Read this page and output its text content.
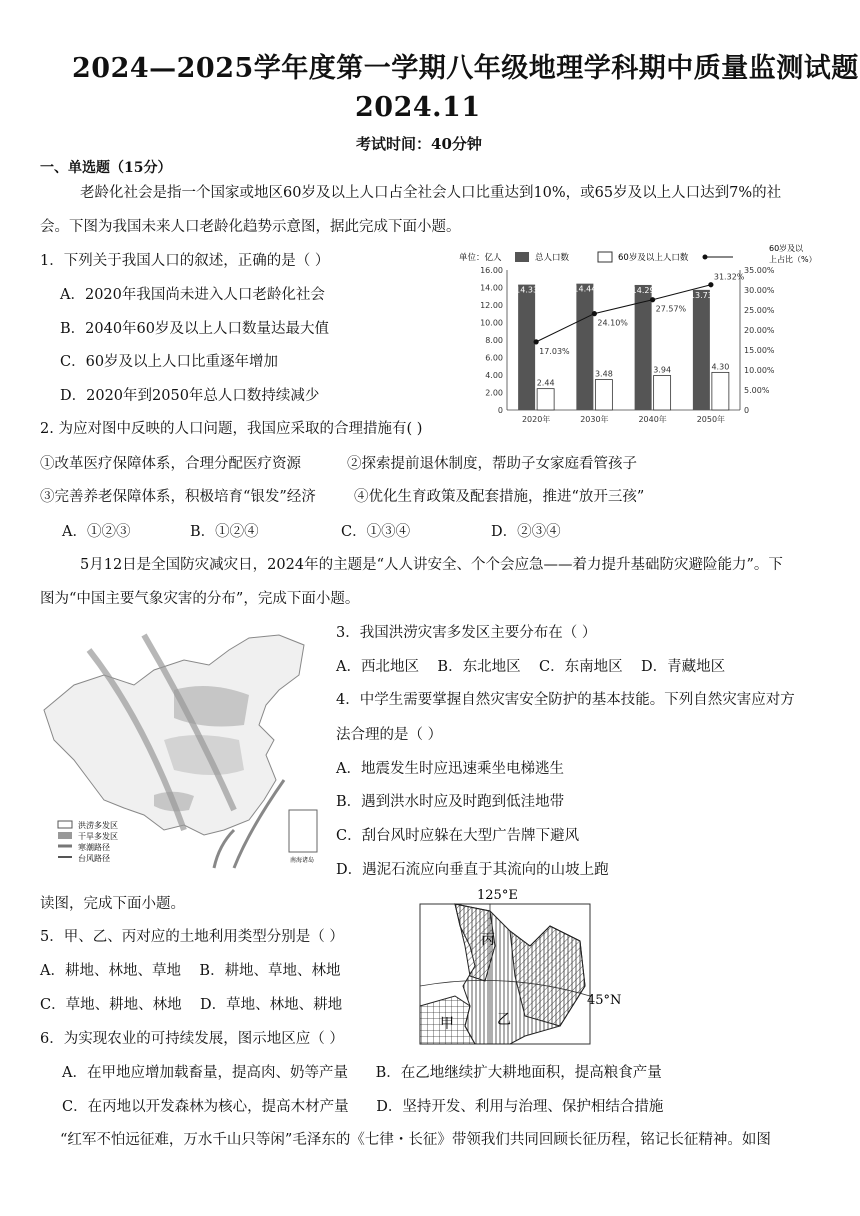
2024—2025学年度第一学期八年级地理学科期中质量监测试题
2024.11
考试时间：40分钟
一、单选题（15分）
老龄化社会是指一个国家或地区60岁及以上人口占全社会人口比重达到10%，或65岁及以上人口达到7%的社
会。下图为我国未来人口老龄化趋势示意图，据此完成下面小题。
1．下列关于我国人口的叙述，正确的是（ ）
A．2020年我国尚未进入人口老龄化社会
B．2040年60岁及以上人口数量达最大值
C．60岁及以上人口比重逐年增加
D．2020年到2050年总人口数持续减少
单位：亿人	总人口数	60岁及以上人口数
60岁及以
上占比（%）
0
2.00
4.00
6.00
8.00
10.00
12.00
14.00
16.00
0
5.00%
10.00%
15.00%
20.00%
25.00%
30.00%
35.00%
14.33
2.44
2020年
14.44
3.48
2030年
14.29
3.94
2040年
13.73
4.30
2050年
17.03%
24.10%
27.57%
31.32%
2. 为应对图中反映的人口问题，我国应采取的合理措施有( )
①改革医疗保障体系，合理分配医疗资源	②探索提前退休制度，帮助子女家庭看管孩子
③完善养老保障体系，积极培育“银发”经济	④优化生育政策及配套措施，推进“放开三孩”
A．①②③	B．①②④	C．①③④	D．②③④
5月12日是全国防灾减灾日，2024年的主题是“人人讲安全、个个会应急——着力提升基础防灾避险能力”。下
图为“中国主要气象灾害的分布”，完成下面小题。
南海诸岛
洪涝多发区
干旱多发区
寒潮路径
台风路径
3．我国洪涝灾害多发区主要分布在（ ）
A．西北地区    B．东北地区    C．东南地区    D．青藏地区
4．中学生需要掌握自然灾害安全防护的基本技能。下列自然灾害应对方
法合理的是（ ）
A．地震发生时应迅速乘坐电梯逃生
B．遇到洪水时应及时跑到低洼地带
C．刮台风时应躲在大型广告牌下避风
D．遇泥石流应向垂直于其流向的山坡上跑
读图，完成下面小题。
125°E
45°N
丙
乙
甲
5．甲、乙、丙对应的土地利用类型分别是（ ）
A．耕地、林地、草地    B．耕地、草地、林地
C．草地、耕地、林地    D．草地、林地、耕地
6．为实现农业的可持续发展，图示地区应（ ）
A．在甲地应增加载畜量，提高肉、奶等产量      B．在乙地继续扩大耕地面积，提高粮食产量
C．在丙地以开发森林为核心，提高木材产量      D．坚持开发、利用与治理、保护相结合措施
“红军不怕远征难，万水千山只等闲”毛泽东的《七律・长征》带领我们共同回顾长征历程，铭记长征精神。如图
